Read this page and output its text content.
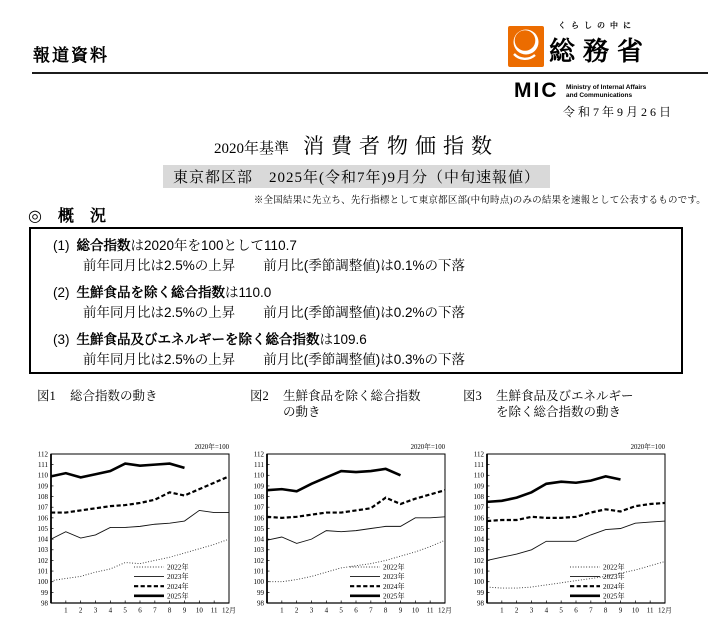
報道資料
くらしの中に
総務省
MIC Ministry of Internal Affairs
and Communications
令和7年9月26日
2020年基準 消費者物価指数
東京都区部　2025年(令和7年)9月分（中旬速報値）
※全国結果に先立ち、先行指標として東京都区部(中旬時点)のみの結果を速報として公表するものです。
◎　概　況
(1) 総合指数は2020年を100として110.7
前年同月比は2.5%の上昇 前月比(季節調整値)は0.1%の下落
(2) 生鮮食品を除く総合指数は110.0
前年同月比は2.5%の上昇 前月比(季節調整値)は0.2%の下落
(3) 生鮮食品及びエネルギーを除く総合指数は109.6
前年同月比は2.5%の上昇 前月比(季節調整値)は0.3%の下落
図1	総合指数の動き	図2	生鮮食品を除く総合指数
の動き
図3	生鮮食品及びエネルギー
を除く総合指数の動き
2020年=100
98
99
100
101
102
103
104
105
106
107
108
109
110
111
112
1 2 3 4 5 6 7 8 9 10 11 12月
2022年
2023年
2024年
2025年
2020年=100
98
99
100
101
102
103
104
105
106
107
108
109
110
111
112
1 2 3 4 5 6 7 8 9 10 11 12月
2022年
2023年
2024年
2025年
2020年=100
98
99
100
101
102
103
104
105
106
107
108
109
110
111
112
1 2 3 4 5 6 7 8 9 10 11 12月
2022年
2023年
2024年
2025年
